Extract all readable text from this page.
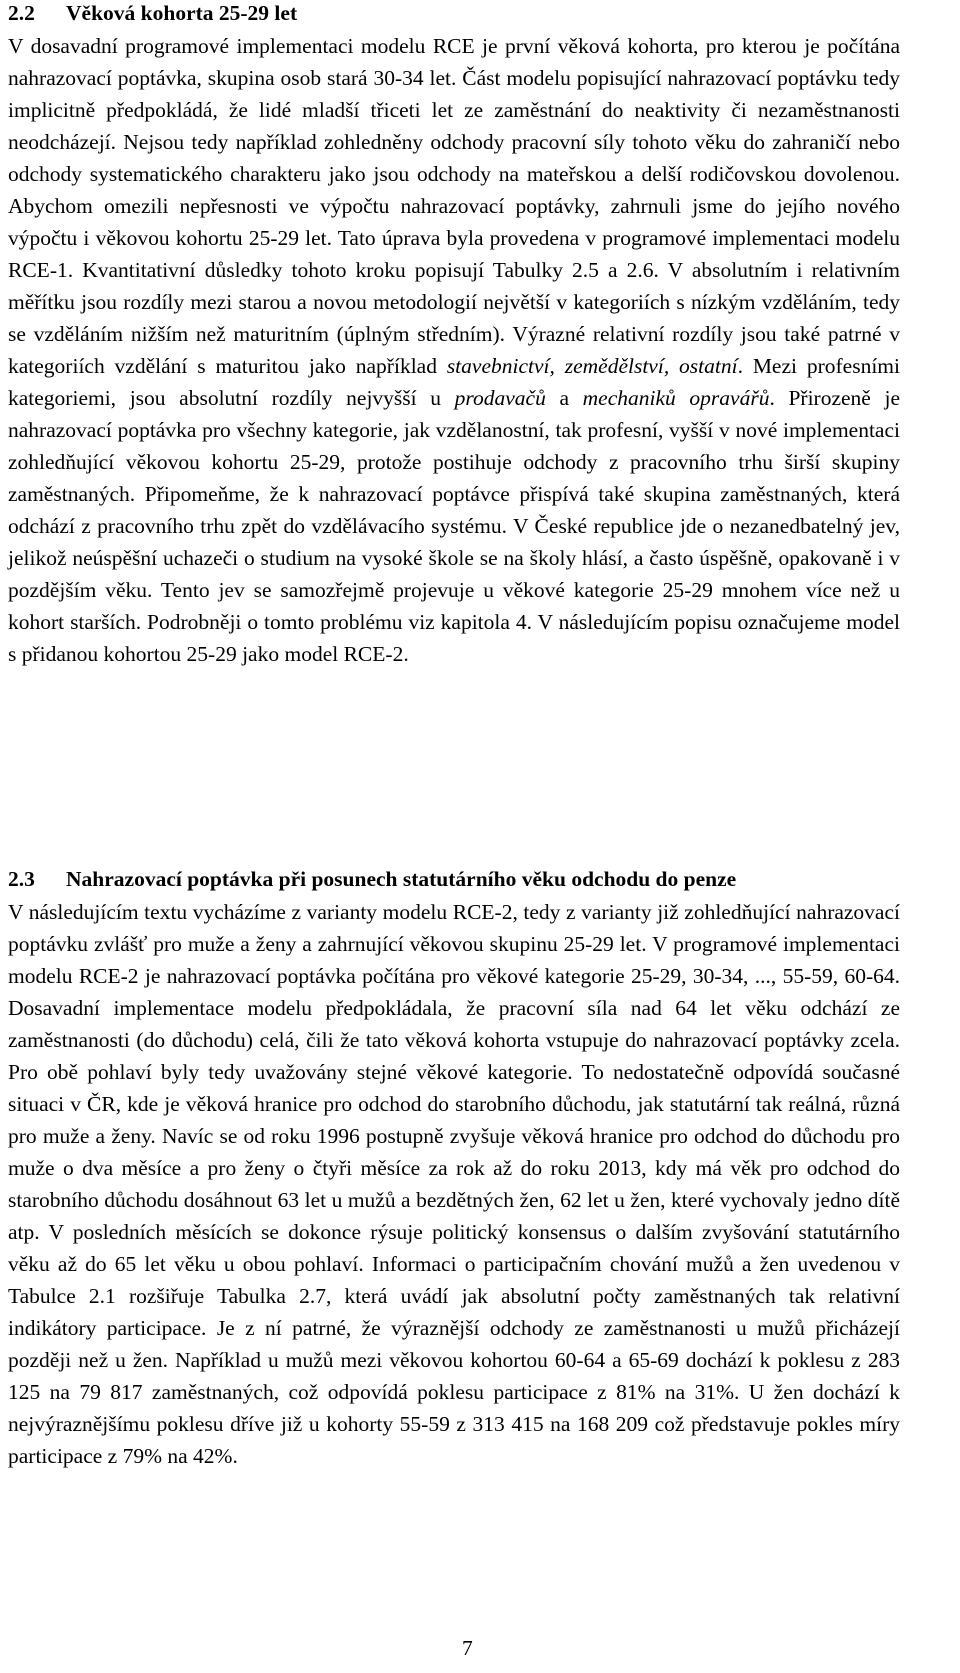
2.2 Věková kohorta 25-29 let

V dosavadní programové implementaci modelu RCE je první věková kohorta, pro kterou je počítána nahrazovací poptávka, skupina osob stará 30-34 let. Část modelu popisující nahrazovací poptávku tedy implicitně předpokládá, že lidé mladší třiceti let ze zaměstnání do neaktivity či nezaměstnanosti neodcházejí. Nejsou tedy například zohledněny odchody pracovní síly tohoto věku do zahraničí nebo odchody systematického charakteru jako jsou odchody na mateřskou a delší rodičovskou dovolenou. Abychom omezili nepřesnosti ve výpočtu nahrazovací poptávky, zahrnuli jsme do jejího nového výpočtu i věkovou kohortu 25-29 let. Tato úprava byla provedena v programové implementaci modelu RCE-1. Kvantitativní důsledky tohoto kroku popisují Tabulky 2.5 a 2.6. V absolutním i relativním měřítku jsou rozdíly mezi starou a novou metodologií největší v kategoriích s nízkým vzděláním, tedy se vzděláním nižším než maturitním (úplným středním). Výrazné relativní rozdíly jsou také patrné v kategoriích vzdělání s maturitou jako například stavebnictví, zemědělství, ostatní. Mezi profesními kategoriemi, jsou absolutní rozdíly nejvyšší u prodavačů a mechaniků opravářů. Přirozeně je nahrazovací poptávka pro všechny kategorie, jak vzdělanostní, tak profesní, vyšší v nové implementaci zohledňující věkovou kohortu 25-29, protože postihuje odchody z pracovního trhu širší skupiny zaměstnaných. Připomeňme, že k nahrazovací poptávce přispívá také skupina zaměstnaných, která odchází z pracovního trhu zpět do vzdělávacího systému. V České republice jde o nezanedbatelný jev, jelikož neúspěšní uchazeči o studium na vysoké škole se na školy hlásí, a často úspěšně, opakovaně i v pozdějším věku. Tento jev se samozřejmě projevuje u věkové kategorie 25-29 mnohem více než u kohort starších. Podrobněji o tomto problému viz kapitola 4. V následujícím popisu označujeme model s přidanou kohortou 25-29 jako model RCE-2.

2.3 Nahrazovací poptávka při posunech statutárního věku odchodu do penze

V následujícím textu vycházíme z varianty modelu RCE-2, tedy z varianty již zohledňující nahrazovací poptávku zvlášť pro muže a ženy a zahrnující věkovou skupinu 25-29 let. V programové implementaci modelu RCE-2 je nahrazovací poptávka počítána pro věkové kategorie 25-29, 30-34, ..., 55-59, 60-64. Dosavadní implementace modelu předpokládala, že pracovní síla nad 64 let věku odchází ze zaměstnanosti (do důchodu) celá, čili že tato věková kohorta vstupuje do nahrazovací poptávky zcela. Pro obě pohlaví byly tedy uvažovány stejné věkové kategorie. To nedostatečně odpovídá současné situaci v ČR, kde je věková hranice pro odchod do starobního důchodu, jak statutární tak reálná, různá pro muže a ženy. Navíc se od roku 1996 postupně zvyšuje věková hranice pro odchod do důchodu pro muže o dva měsíce a pro ženy o čtyři měsíce za rok až do roku 2013, kdy má věk pro odchod do starobního důchodu dosáhnout 63 let u mužů a bezdětných žen, 62 let u žen, které vychovaly jedno dítě atp. V posledních měsících se dokonce rýsuje politický konsensus o dalším zvyšování statutárního věku až do 65 let věku u obou pohlaví. Informaci o participačním chování mužů a žen uvedenou v Tabulce 2.1 rozšiřuje Tabulka 2.7, která uvádí jak absolutní počty zaměstnaných tak relativní indikátory participace. Je z ní patrné, že výraznější odchody ze zaměstnanosti u mužů přicházejí později než u žen. Například u mužů mezi věkovou kohortou 60-64 a 65-69 dochází k poklesu z 283 125 na 79 817 zaměstnaných, což odpovídá poklesu participace z 81% na 31%. U žen dochází k nejvýraznějšímu poklesu dříve již u kohorty 55-59 z 313 415 na 168 209 což představuje pokles míry participace z 79% na 42%.

7
